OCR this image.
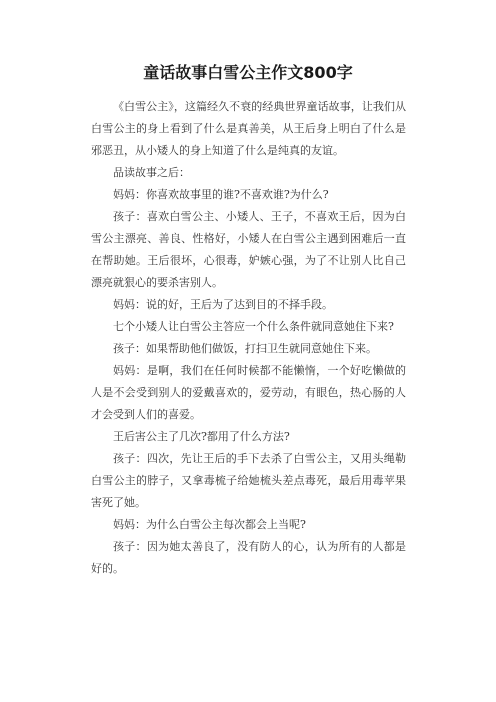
童话故事白雪公主作文800字

《白雪公主》，这篇经久不衰的经典世界童话故事，让我们从白雪公主的身上看到了什么是真善美，从王后身上明白了什么是邪恶丑，从小矮人的身上知道了什么是纯真的友谊。

品读故事之后：

妈妈：你喜欢故事里的谁?不喜欢谁?为什么?

孩子：喜欢白雪公主、小矮人、王子，不喜欢王后，因为白雪公主漂亮、善良、性格好，小矮人在白雪公主遇到困难后一直在帮助她。王后很坏，心很毒，妒嫉心强，为了不让别人比自己漂亮就狠心的要杀害别人。

妈妈：说的好，王后为了达到目的不择手段。

七个小矮人让白雪公主答应一个什么条件就同意她住下来?

孩子：如果帮助他们做饭，打扫卫生就同意她住下来。

妈妈：是啊，我们在任何时候都不能懒惰，一个好吃懒做的人是不会受到别人的爱戴喜欢的，爱劳动，有眼色，热心肠的人才会受到人们的喜爱。

王后害公主了几次?都用了什么方法?

孩子：四次，先让王后的手下去杀了白雪公主，又用头绳勒白雪公主的脖子，又拿毒梳子给她梳头差点毒死，最后用毒苹果害死了她。

妈妈：为什么白雪公主每次都会上当呢?

孩子：因为她太善良了，没有防人的心，认为所有的人都是好的。
